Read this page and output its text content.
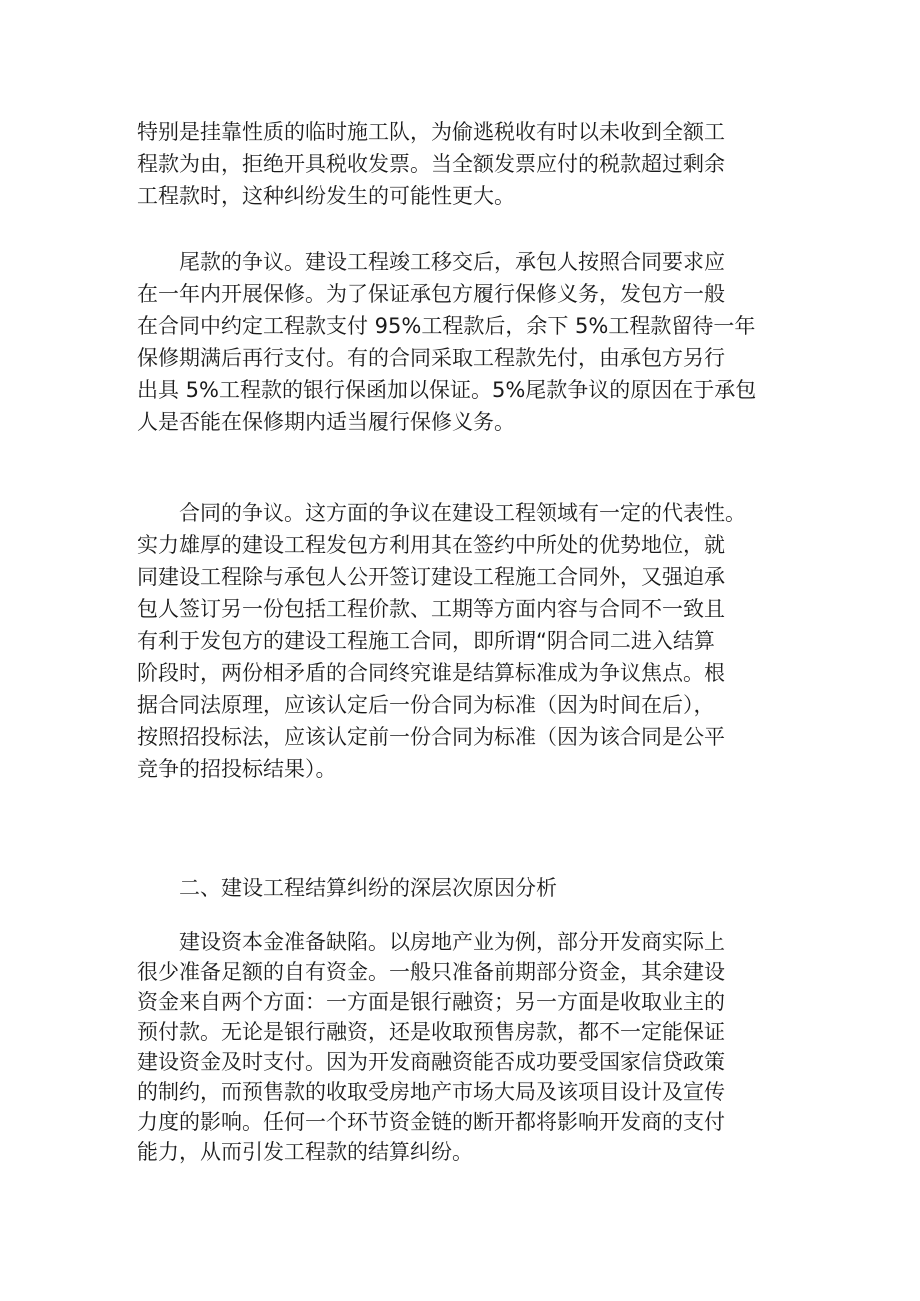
特别是挂靠性质的临时施工队，为偷逃税收有时以未收到全额工
程款为由，拒绝开具税收发票。当全额发票应付的税款超过剩余
工程款时，这种纠纷发生的可能性更大。
　　尾款的争议。建设工程竣工移交后，承包人按照合同要求应
在一年内开展保修。为了保证承包方履行保修义务，发包方一般
在合同中约定工程款支付 95%工程款后，余下 5%工程款留待一年
保修期满后再行支付。有的合同采取工程款先付，由承包方另行
出具 5%工程款的银行保函加以保证。5%尾款争议的原因在于承包
人是否能在保修期内适当履行保修义务。
　　合同的争议。这方面的争议在建设工程领域有一定的代表性。
实力雄厚的建设工程发包方利用其在签约中所处的优势地位，就
同建设工程除与承包人公开签订建设工程施工合同外，又强迫承
包人签订另一份包括工程价款、工期等方面内容与合同不一致且
有利于发包方的建设工程施工合同，即所谓“阴合同二进入结算
阶段时，两份相矛盾的合同终究谁是结算标准成为争议焦点。根
据合同法原理，应该认定后一份合同为标准（因为时间在后），
按照招投标法，应该认定前一份合同为标准（因为该合同是公平
竞争的招投标结果）。
　　二、建设工程结算纠纷的深层次原因分析
　　建设资本金准备缺陷。以房地产业为例，部分开发商实际上
很少准备足额的自有资金。一般只准备前期部分资金，其余建设
资金来自两个方面：一方面是银行融资；另一方面是收取业主的
预付款。无论是银行融资，还是收取预售房款，都不一定能保证
建设资金及时支付。因为开发商融资能否成功要受国家信贷政策
的制约，而预售款的收取受房地产市场大局及该项目设计及宣传
力度的影响。任何一个环节资金链的断开都将影响开发商的支付
能力，从而引发工程款的结算纠纷。
